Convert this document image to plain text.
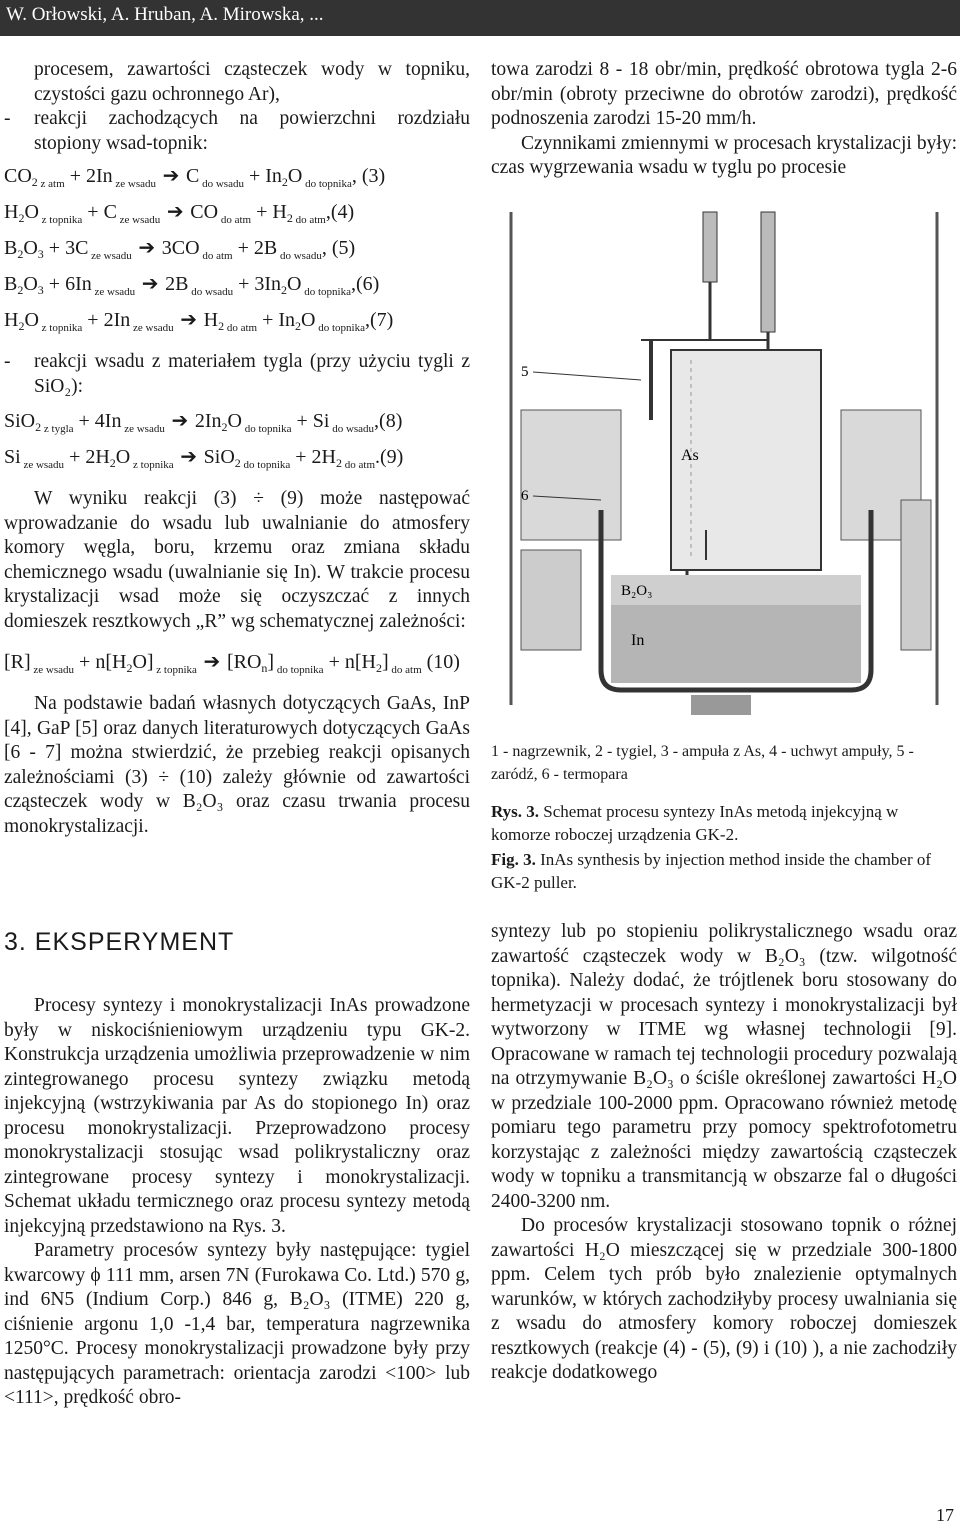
W. Orłowski, A. Hruban, A. Mirowska, ...

procesem, zawartości cząsteczek wody w topniku, czystości gazu ochronnego Ar),

- reakcji zachodzących na powierzchni rozdziału stopiony wsad-topnik:
$CO_2$ $_{z atm}$ + 2In $_{ze wsadu}$ ➔ C $_{do wsadu} + In_2O$ $_{do topnika}$, (3)
$H_2O$ $_{z topnika}$ + C $_{ze wsadu}$ ➔ CO $_{do atm} + H_2$ $_{do atm}$,(4)
$B_2O_3 + 3C$ $_{ze wsadu}$ ➔ 3CO $_{do atm}$ + 2B $_{do wsadu}$, (5)
$B_2O_3 + 6In$ $_{ze wsadu}$ ➔ 2B $_{do wsadu} + 3In_2O$ $_{do topnika}$,(6)
$H_2O$ $_{z topnika}$ + 2In $_{ze wsadu}$ ➔ $H_2$ $_{do atm} + In_2O$ $_{do topnika}$,(7)
- reakcji wsadu z materiałem tygla (przy użyciu tygli z SiO₂):
SiO$_2$ $_{z tygla}$ + 4In $_{ze wsadu}$ ➔ $2In_2O$ $_{do topnika}$ + Si $_{do wsadu}$,(8)
Si $_{ze wsadu} + 2H_2O$ $_{z topnika}$ ➔ SiO$_2$ $_{do topnika} + 2H_2$ $_{do atm}$.(9)

W wyniku reakcji (3) ÷ (9) może następować wprowadzanie do wsadu lub uwalnianie do atmosfery komory węgla, boru, krzemu oraz zmiana składu chemicznego wsadu (uwalnianie się In). W trakcie procesu krystalizacji wsad może się oczyszczać z innych domieszek resztkowych „R” wg schematycznej zależności:

[R] $_{ze wsadu} + n[H_2O]$ $_{z topnika}$ ➔ $[RO_n] _{do topnika} + n[H_2]$ $_{do atm}$ (10)

Na podstawie badań własnych dotyczących GaAs, InP [4], GaP [5] oraz danych literaturowych dotyczących GaAs [6 - 7] można stwierdzić, że przebieg reakcji opisanych zależnościami (3) ÷ (10) zależy głównie od zawartości cząsteczek wody w B₂O₃ oraz czasu trwania procesu monokrystalizacji.

3. EKSPERYMENT

Procesy syntezy i monokrystalizacji InAs prowadzone były w niskociśnieniowym urządzeniu typu GK-2. Konstrukcja urządzenia umożliwia przeprowadzenie w nim zintegrowanego procesu syntezy związku metodą injekcyjną (wstrzykiwania par As do stopionego In) oraz procesu monokrystalizacji. Przeprowadzono procesy monokrystalizacji stosując wsad polikrystaliczny oraz zintegrowane procesy syntezy i monokrystalizacji. Schemat układu termicznego oraz procesu syntezy metodą injekcyjną przedstawiono na Rys. 3.

Parametry procesów syntezy były następujące: tygiel kwarcowy ϕ 111 mm, arsen 7N (Furokawa Co. Ltd.) 570 g, ind 6N5 (Indium Corp.) 846 g, B₂O₃ (ITME) 220 g, ciśnienie argonu 1,0 -1,4 bar, temperatura nagrzewnika 1250°C. Procesy monokrystalizacji prowadzone były przy następujących parametrach: orientacja zarodzi <100> lub <111>, prędkość obro-

towa zarodzi 8 - 18 obr/min, prędkość obrotowa tygla 2-6 obr/min (obroty przeciwne do obrotów zarodzi), prędkość podnoszenia zarodzi 15-20 mm/h.

Czynnikami zmiennymi w procesach krystalizacji były: czas wygrzewania wsadu w tyglu po procesie

As
B₂O₃
In
5
6
1 - nagrzewnik, 2 - tygiel, 3 - ampuła z As, 4 - uchwyt ampuły, 5 - zaródź, 6 - termopara
Rys. 3. Schemat procesu syntezy InAs metodą injekcyjną w komorze roboczej urządzenia GK-2.
Fig. 3. InAs synthesis by injection method inside the chamber of GK-2 puller.

syntezy lub po stopieniu polikrystalicznego wsadu oraz zawartość cząsteczek wody w B₂O₃ (tzw. wilgotność topnika). Należy dodać, że trójtlenek boru stosowany do hermetyzacji w procesach syntezy i monokrystalizacji był wytworzony w ITME wg własnej technologii [9]. Opracowane w ramach tej technologii procedury pozwalają na otrzymywanie B₂O₃ o ściśle określonej zawartości H₂O w przedziale 100-2000 ppm. Opracowano również metodę pomiaru tego parametru przy pomocy spektrofotometru korzystając z zależności między zawartością cząsteczek wody w topniku a transmitancją w obszarze fal o długości 2400-3200 nm.

Do procesów krystalizacji stosowano topnik o różnej zawartości H₂O mieszczącej się w przedziale 300-1800 ppm. Celem tych prób było znalezienie optymalnych warunków, w których zachodziłyby procesy uwalniania się z wsadu do atmosfery komory roboczej domieszek resztkowych (reakcje (4) - (5), (9) i (10) ), a nie zachodziły reakcje dodatkowego

17
